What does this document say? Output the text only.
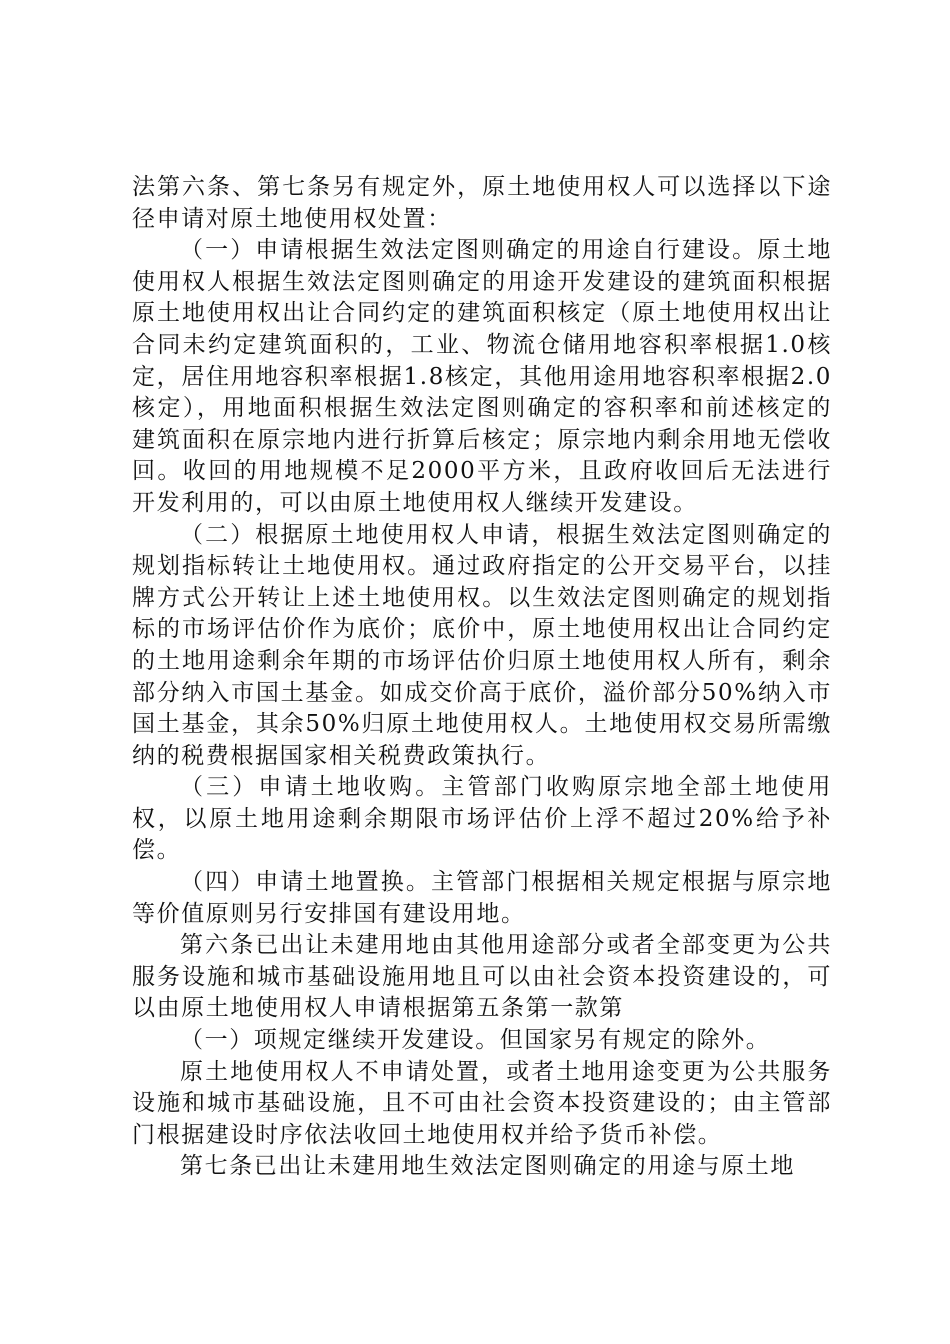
法第六条、第七条另有规定外，原土地使用权人可以选择以下途径申请对原土地使用权处置：

（一）申请根据生效法定图则确定的用途自行建设。原土地使用权人根据生效法定图则确定的用途开发建设的建筑面积根据原土地使用权出让合同约定的建筑面积核定（原土地使用权出让合同未约定建筑面积的，工业、物流仓储用地容积率根据1.0核定，居住用地容积率根据1.8核定，其他用途用地容积率根据2.0核定），用地面积根据生效法定图则确定的容积率和前述核定的建筑面积在原宗地内进行折算后核定；原宗地内剩余用地无偿收回。收回的用地规模不足2000平方米，且政府收回后无法进行开发利用的，可以由原土地使用权人继续开发建设。

（二）根据原土地使用权人申请，根据生效法定图则确定的规划指标转让土地使用权。通过政府指定的公开交易平台，以挂牌方式公开转让上述土地使用权。以生效法定图则确定的规划指标的市场评估价作为底价；底价中，原土地使用权出让合同约定的土地用途剩余年期的市场评估价归原土地使用权人所有，剩余部分纳入市国土基金。如成交价高于底价，溢价部分50%纳入市国土基金，其余50%归原土地使用权人。土地使用权交易所需缴纳的税费根据国家相关税费政策执行。

（三）申请土地收购。主管部门收购原宗地全部土地使用权，以原土地用途剩余期限市场评估价上浮不超过20%给予补偿。

（四）申请土地置换。主管部门根据相关规定根据与原宗地等价值原则另行安排国有建设用地。

第六条已出让未建用地由其他用途部分或者全部变更为公共服务设施和城市基础设施用地且可以由社会资本投资建设的，可以由原土地使用权人申请根据第五条第一款第

（一）项规定继续开发建设。但国家另有规定的除外。

原土地使用权人不申请处置，或者土地用途变更为公共服务设施和城市基础设施，且不可由社会资本投资建设的；由主管部门根据建设时序依法收回土地使用权并给予货币补偿。

第七条已出让未建用地生效法定图则确定的用途与原土地
